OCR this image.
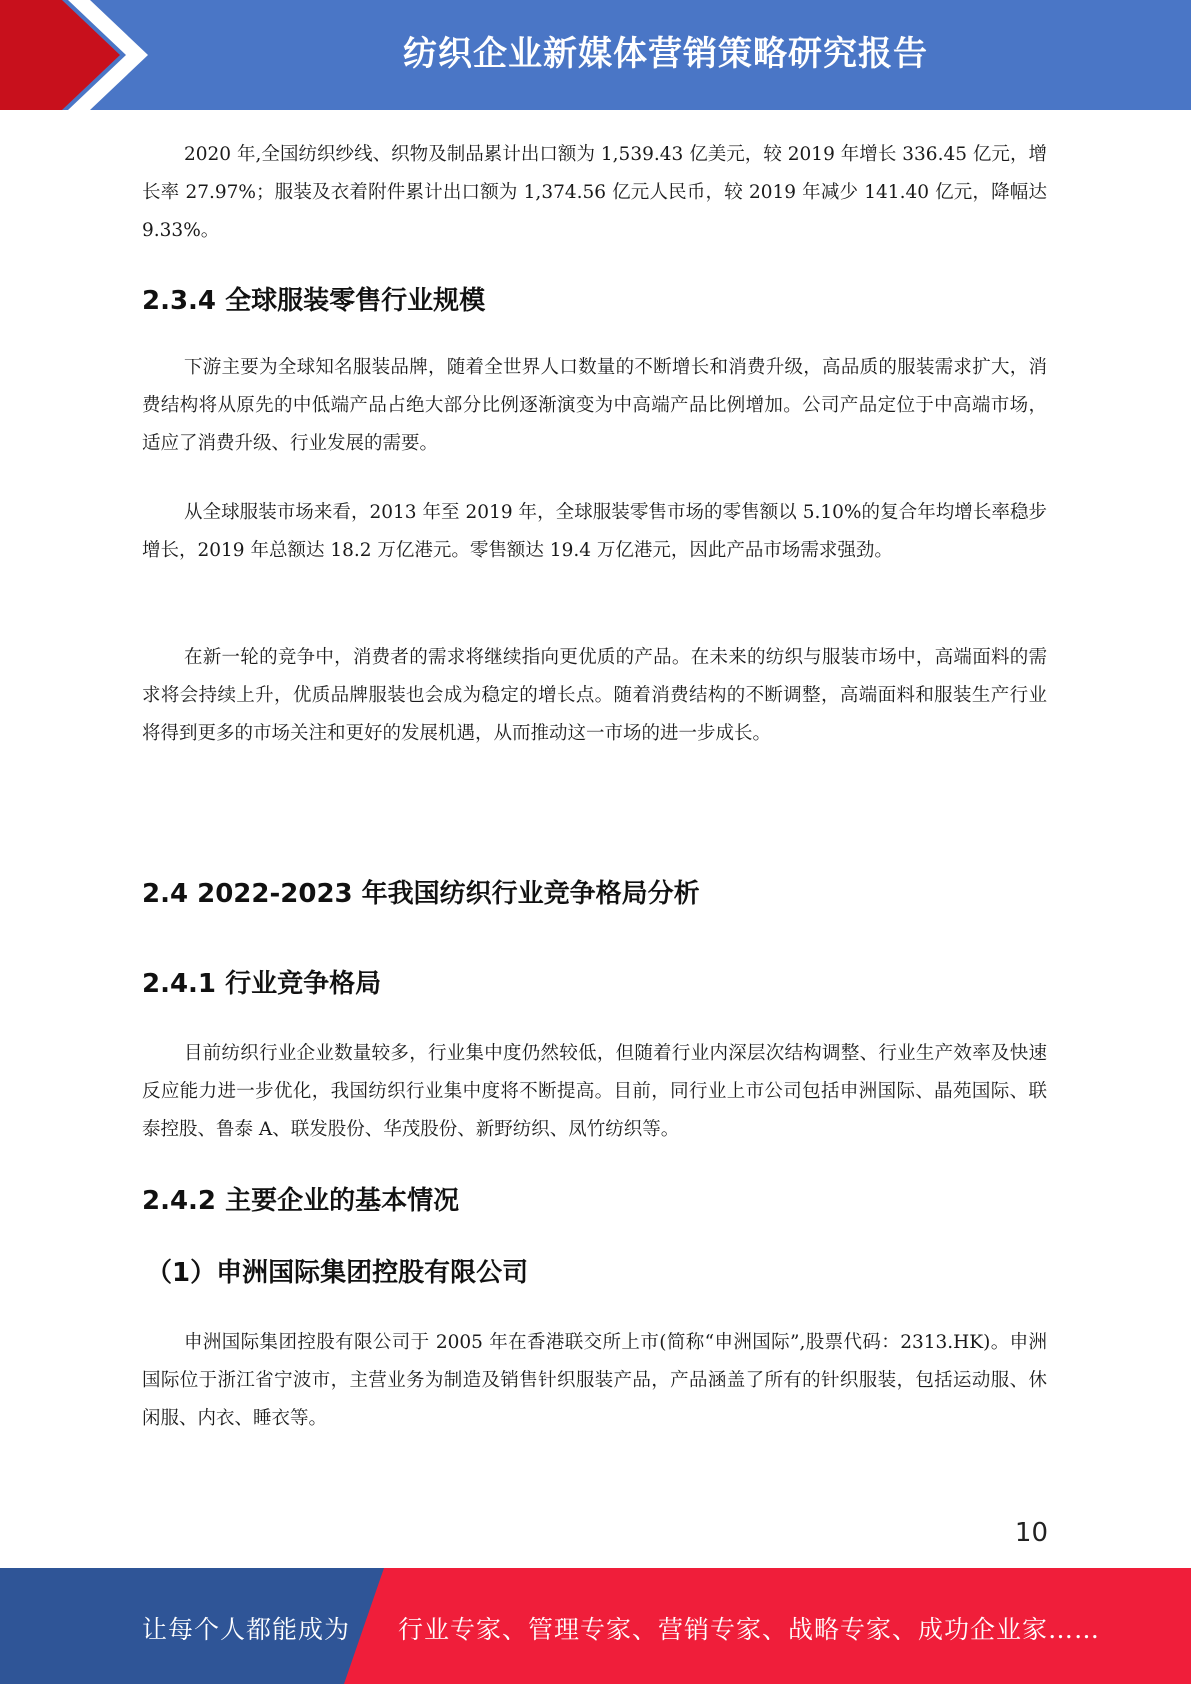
纺织企业新媒体营销策略研究报告

2020 年,全国纺织纱线、织物及制品累计出口额为 1,539.43 亿美元，较 2019 年增长 336.45 亿元，增长率 27.97%；服装及衣着附件累计出口额为 1,374.56 亿元人民币，较 2019 年减少 141.40 亿元，降幅达 9.33%。

2.3.4 全球服装零售行业规模

下游主要为全球知名服装品牌，随着全世界人口数量的不断增长和消费升级，高品质的服装需求扩大，消费结构将从原先的中低端产品占绝大部分比例逐渐演变为中高端产品比例增加。公司产品定位于中高端市场，适应了消费升级、行业发展的需要。

从全球服装市场来看，2013 年至 2019 年，全球服装零售市场的零售额以 5.10%的复合年均增长率稳步增长，2019 年总额达 18.2 万亿港元。零售额达 19.4 万亿港元，因此产品市场需求强劲。

在新一轮的竞争中，消费者的需求将继续指向更优质的产品。在未来的纺织与服装市场中，高端面料的需求将会持续上升，优质品牌服装也会成为稳定的增长点。随着消费结构的不断调整，高端面料和服装生产行业将得到更多的市场关注和更好的发展机遇，从而推动这一市场的进一步成长。

2.4 2022-2023 年我国纺织行业竞争格局分析
2.4.1 行业竞争格局

目前纺织行业企业数量较多，行业集中度仍然较低，但随着行业内深层次结构调整、行业生产效率及快速反应能力进一步优化，我国纺织行业集中度将不断提高。目前，同行业上市公司包括申洲国际、晶苑国际、联泰控股、鲁泰 A、联发股份、华茂股份、新野纺织、凤竹纺织等。

2.4.2 主要企业的基本情况
（1）申洲国际集团控股有限公司

申洲国际集团控股有限公司于 2005 年在香港联交所上市(简称“申洲国际”,股票代码：2313.HK)。申洲国际位于浙江省宁波市，主营业务为制造及销售针织服装产品，产品涵盖了所有的针织服装，包括运动服、休闲服、内衣、睡衣等。

10
让每个人都能成为 行业专家、管理专家、营销专家、战略专家、成功企业家……
